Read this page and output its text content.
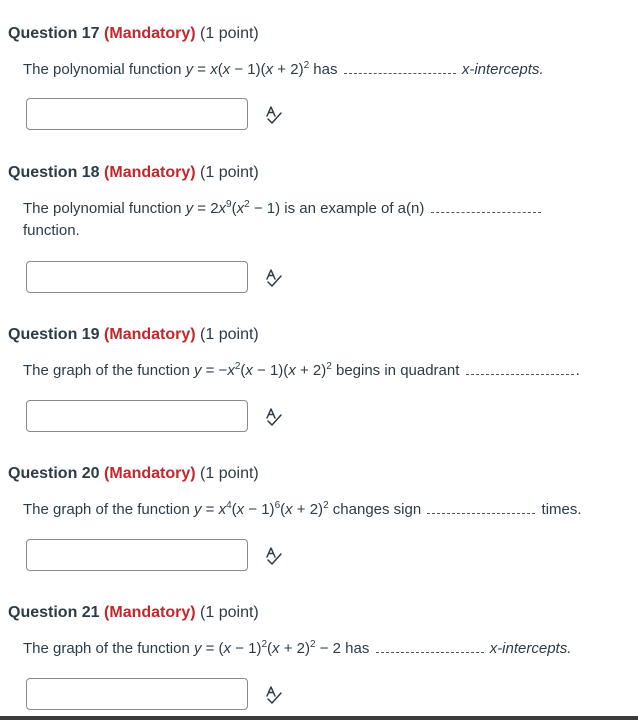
Question 17 (Mandatory) (1 point)
The polynomial function $y = x(x - 1)(x + 2)^2$ has	x-intercepts.
Question 18 (Mandatory) (1 point)
The polynomial function $y = 2x^9(x^2 - 1)$ is an example of a(n)
function.
Question 19 (Mandatory) (1 point)
The graph of the function $y = -x^2(x - 1)(x + 2)^2$ begins in quadrant	.
Question 20 (Mandatory) (1 point)
The graph of the function $y = x^4(x - 1)^6(x + 2)^2$ changes sign	times.
Question 21 (Mandatory) (1 point)
The graph of the function $y = (x - 1)^2(x + 2)^2 - 2$ has	x-intercepts.
